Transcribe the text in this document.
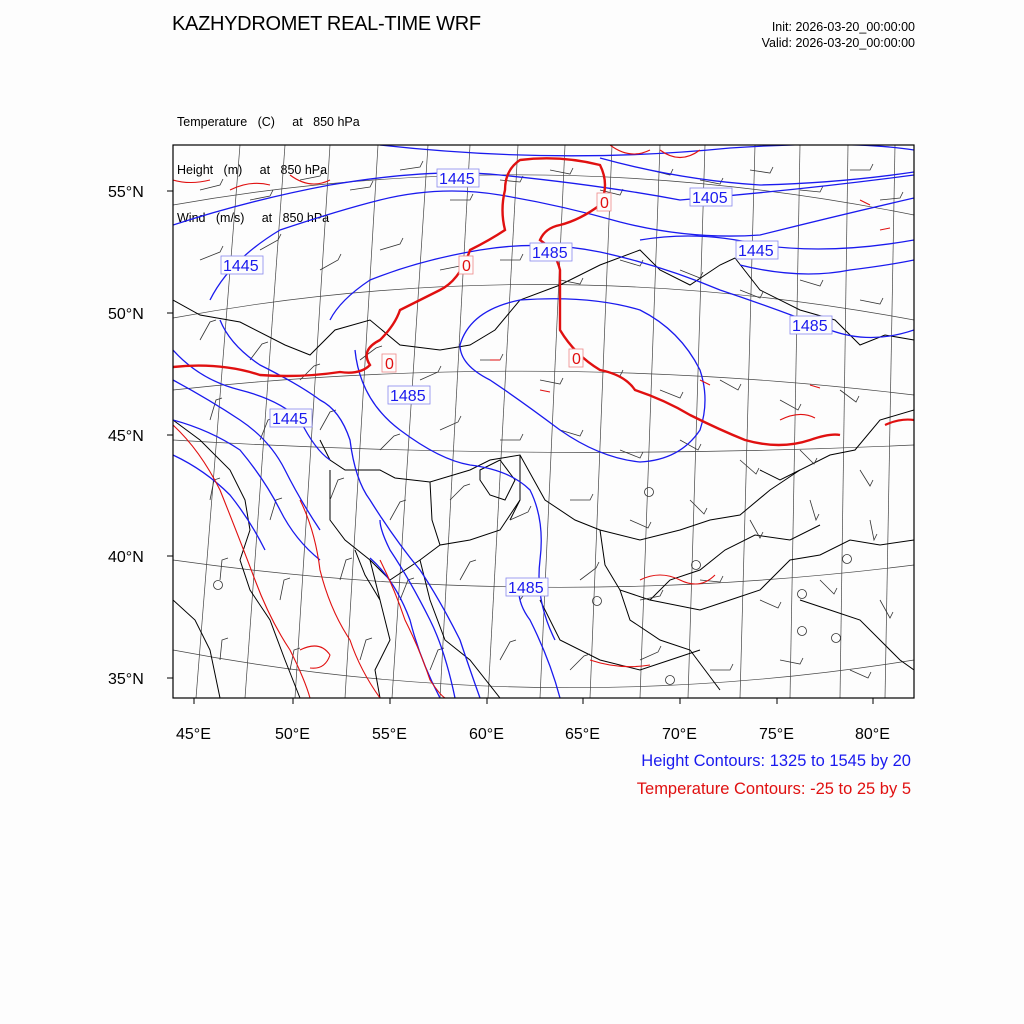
KAZHYDROMET REAL-TIME WRF	Init: 2026-03-20_00:00:00
Valid: 2026-03-20_00:00:00

Temperature   (C)     at   850 hPa

Height   (m)     at   850 hPa

Wind   (m/s)     at   850 hPa

55°N
50°N
45°N
40°N
35°N
45°E	50°E	55°E	60°E	65°E	70°E	75°E	80°E
1445
1405
1445
1485
1445
1485
1445
1485
1485
0
0
0	0
Height Contours: 1325 to 1545 by 20
Temperature Contours: -25 to 25 by 5
